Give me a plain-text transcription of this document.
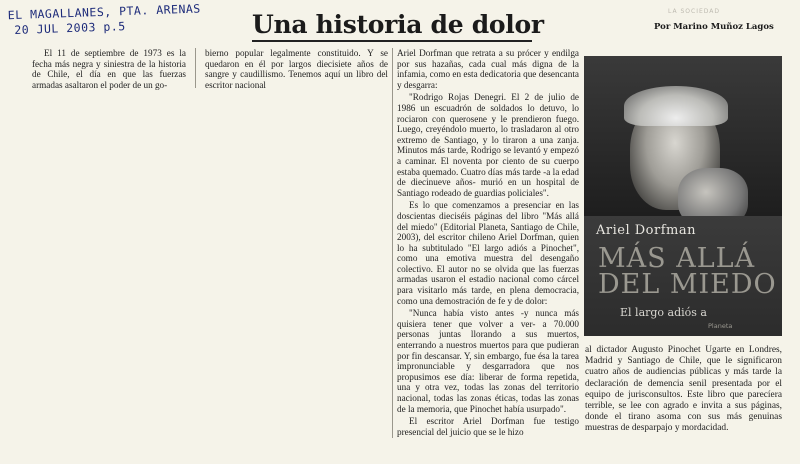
EL MAGALLANES, PTA. ARENAS
20 JUL 2003 p.5
LA SOCIEDAD
Una historia de dolor	Por Marino Muñoz Lagos

El 11 de septiembre de 1973 es la fecha más negra y siniestra de la historia de Chile, el día en que las fuerzas armadas asaltaron el poder de un go-

bierno popular legalmente constituido. Y se quedaron en él por largos diecisiete años de sangre y caudillismo. Tenemos aquí un libro del escritor nacional

Ariel Dorfman que retrata a su prócer y endilga por sus hazañas, cada cual más digna de la infamia, como en esta dedicatoria que desencanta y desgarra:

"Rodrigo Rojas Denegri. El 2 de julio de 1986 un escuadrón de soldados lo detuvo, lo rociaron con querosene y le prendieron fuego. Luego, creyéndolo muerto, lo trasladaron al otro extremo de Santiago, y lo tiraron a una zanja. Minutos más tarde, Rodrigo se levantó y empezó a caminar. El noventa por ciento de su cuerpo estaba quemado. Cuatro días más tarde -a la edad de diecinueve años- murió en un hospital de Santiago rodeado de guardias policiales".

Es lo que comenzamos a presenciar en las doscientas dieciséis páginas del libro "Más allá del miedo" (Editorial Planeta, Santiago de Chile, 2003), del escritor chileno Ariel Dorfman, quien lo ha subtitulado "El largo adiós a Pinochet", como una emotiva muestra del desengaño colectivo. El autor no se olvida que las fuerzas armadas usaron el estadio nacional como cárcel para visitarlo más tarde, en plena democracia, como una demostración de fe y de dolor:

"Nunca había visto antes -y nunca más quisiera tener que volver a ver- a 70.000 personas juntas llorando a sus muertos, enterrando a nuestros muertos para que pudieran por fin descansar. Y, sin embargo, fue ésa la tarea impronunciable y desgarradora que nos propusimos ese día: liberar de forma repetida, una y otra vez, todas las zonas del territorio nacional, todas las zonas éticas, todas las zonas de la memoria, que Pinochet había usurpado".

El escritor Ariel Dorfman fue testigo presencial del juicio que se le hizo

Ariel Dorfman
MÁS ALLÁ
DEL MIEDO
El largo adiós a
Planeta

al dictador Augusto Pinochet Ugarte en Londres, Madrid y Santiago de Chile, que le significaron cuatro años de audiencias públicas y más tarde la declaración de demencia senil presentada por el equipo de jurisconsultos. Este libro que parecíera terrible, se lee con agrado e invita a sus páginas, donde el tirano asoma con sus más genuinas muestras de desparpajo y mordacidad.
